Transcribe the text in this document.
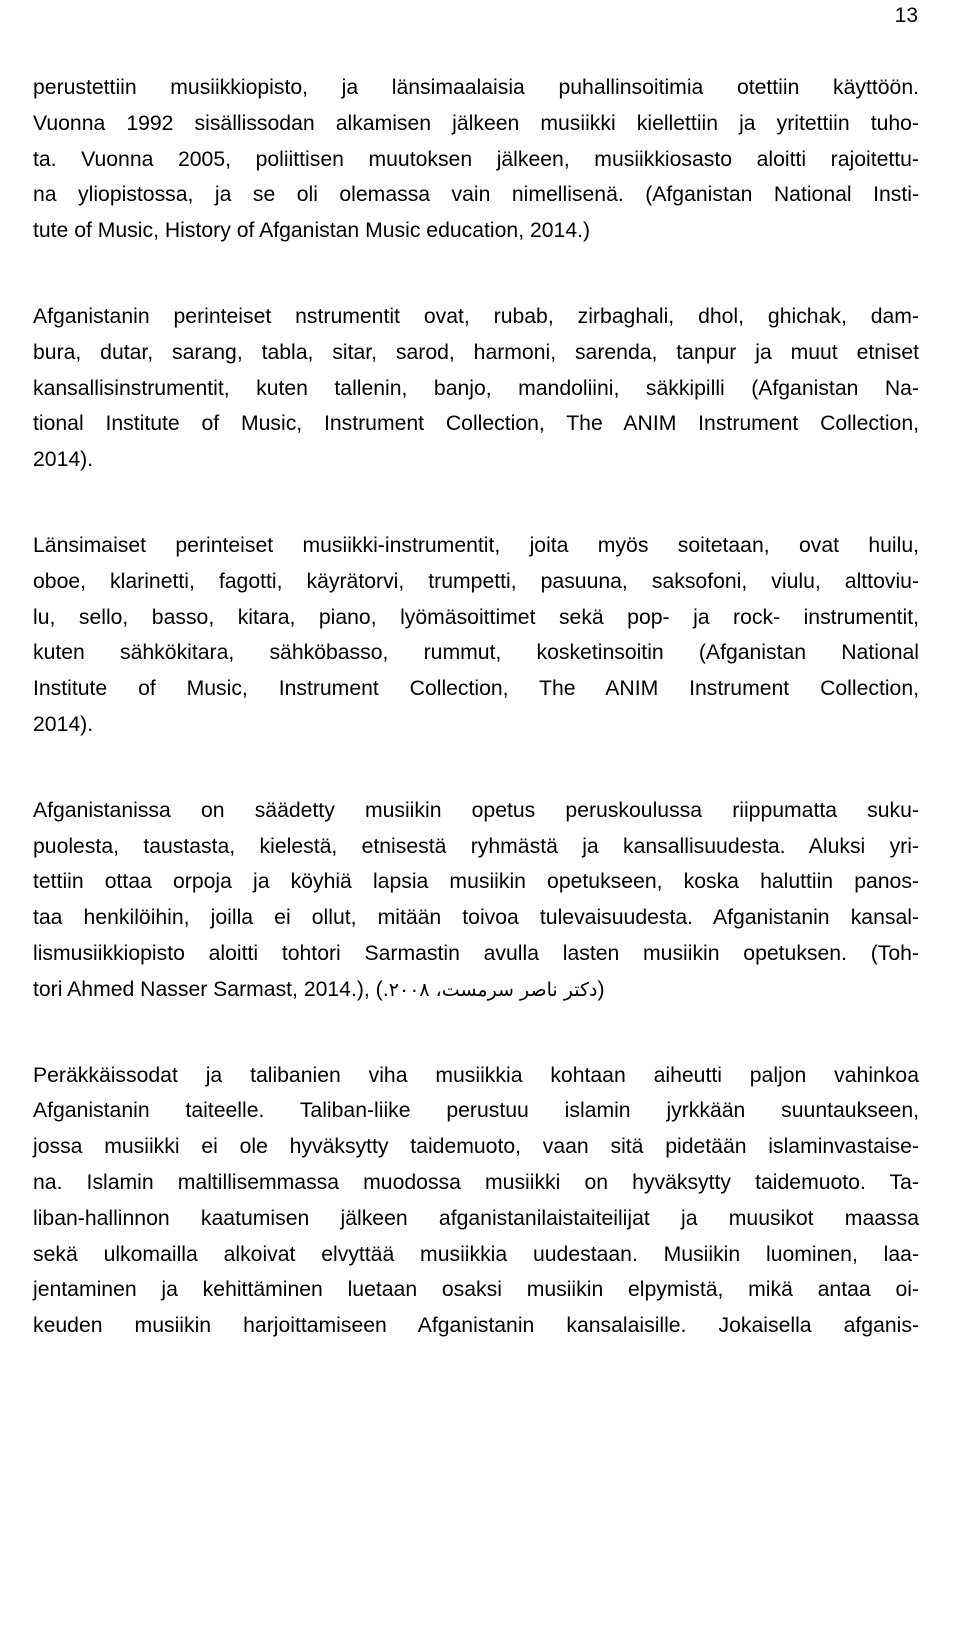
13
perustettiin musiikkiopisto, ja länsimaalaisia puhallinsoitimia otettiin käyttöön.
Vuonna 1992 sisällissodan alkamisen jälkeen musiikki kiellettiin ja yritettiin tuho-
ta. Vuonna 2005, poliittisen muutoksen jälkeen, musiikkiosasto aloitti rajoitettu-
na yliopistossa, ja se oli olemassa vain nimellisenä. (Afganistan National Insti-
tute of Music, History of Afganistan Music education, 2014.)
Afganistanin perinteiset nstrumentit ovat, rubab, zirbaghali, dhol, ghichak, dam-
bura, dutar, sarang, tabla, sitar, sarod, harmoni, sarenda, tanpur ja muut etniset
kansallisinstrumentit, kuten tallenin, banjo, mandoliini, säkkipilli (Afganistan Na-
tional Institute of Music, Instrument Collection, The ANIM Instrument Collection,
2014).
Länsimaiset perinteiset musiikki-instrumentit, joita myös soitetaan, ovat huilu,
oboe, klarinetti, fagotti, käyrätorvi, trumpetti, pasuuna, saksofoni, viulu, alttoviu-
lu, sello, basso, kitara, piano, lyömäsoittimet sekä pop- ja rock- instrumentit,
kuten sähkökitara, sähköbasso, rummut, kosketinsoitin (Afganistan National
Institute of Music, Instrument Collection, The ANIM Instrument Collection,
2014).
Afganistanissa on säädetty musiikin opetus peruskoulussa riippumatta suku-
puolesta, taustasta, kielestä, etnisestä ryhmästä ja kansallisuudesta. Aluksi yri-
tettiin ottaa orpoja ja köyhiä lapsia musiikin opetukseen, koska haluttiin panos-
taa henkilöihin, joilla ei ollut, mitään toivoa tulevaisuudesta. Afganistanin kansal-
lismusiikkiopisto aloitti tohtori Sarmastin avulla lasten musiikin opetuksen. (Toh-
tori Ahmed Nasser Sarmast, 2014.), (دکتر ناصر سرمست، ۲۰۰۸.)
Peräkkäissodat ja talibanien viha musiikkia kohtaan aiheutti paljon vahinkoa
Afganistanin taiteelle. Taliban-liike perustuu islamin jyrkkään suuntaukseen,
jossa musiikki ei ole hyväksytty taidemuoto, vaan sitä pidetään islaminvastaise-
na. Islamin maltillisemmassa muodossa musiikki on hyväksytty taidemuoto. Ta-
liban-hallinnon kaatumisen jälkeen afganistanilaistaiteilijat ja muusikot maassa
sekä ulkomailla alkoivat elvyttää musiikkia uudestaan. Musiikin luominen, laa-
jentaminen ja kehittäminen luetaan osaksi musiikin elpymistä, mikä antaa oi-
keuden musiikin harjoittamiseen Afganistanin kansalaisille. Jokaisella afganis-
